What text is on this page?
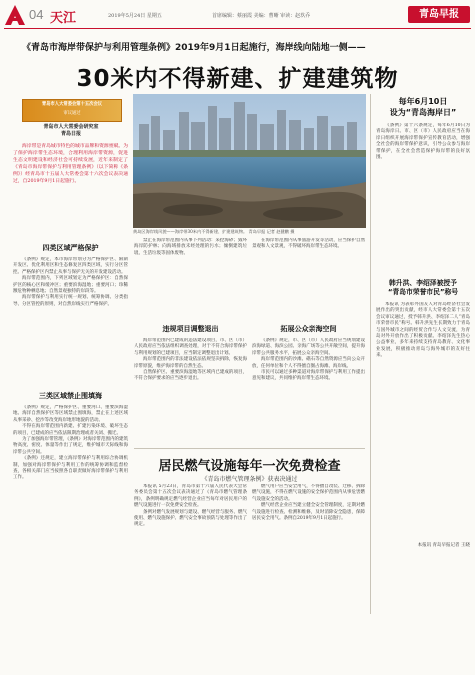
04 天江	2019年5月24日 星期五	首席编辑：蔡丽霞 美编：曹晰 审读：赵玖乔	青岛早报
《青岛市海岸带保护与利用管理条例》2019年9月1日起施行，海岸线向陆地一侧——
30米内不得新建、扩建建筑物
青岛市人大常委会第十五次会议
审议通过
青岛市人大常委会研究室
青岛日报

海岸带是青岛城市特色的城市品牌和资源禀赋。为了保护海岸带生态环境，合理利用海岸带资源，促进生态文明建设和经济社会可持续发展，近年来制定了《青岛市海岸带保护与利用管理条例》（以下简称《条例》）经青岛市十五届人大常委会第十六次会议表决通过，自2019年9月1日起施行。

黄岛区海岸线风貌——海岸带30米内不得新建、扩建建筑物。 青岛早报 记者 赵健鹏 摄
四类区域严格保护

《条例》规定，本市海岸带划分为严格保护区、限制开发区、优化利用区和生态修复区四类区域，实行分区管控。严格保护区内禁止从事与保护无关的开发建设活动。

海岸带范围内，下列区域划定为严格保护区：自然保护区的核心区和缓冲区；重要滨海湿地；重要河口；珍稀濒危物种栖息地；自然景观独特的岸段等。

海岸带保护与利用实行统一规划、统筹协调、分类指导、分区管控的原则，对自然岸线实行严格保护。

三类区域禁止围填海

《条例》规定，严格保护区、重要河口、重要滨海湿地、海洋自然保护区等区域禁止围填海，禁止在上述区域从事采砂、挖沙等改变海岸地形地貌的活动。

不得在海岸带范围内新建、扩建污染环境、破坏生态的项目，已建成的应当依法限期治理或者关闭、搬迁。

为了加强海岸带管理，《条例》对海岸带范围内的建筑物高度、密度、体量等作出了规定，维护城市天际线和海岸带公共空间。

《条例》还规定，建立海岸带保护与利用综合协调机制，加强对海岸带保护与利用工作的统筹协调和监督检查，各相关部门应当按照各自职责做好海岸带保护与利用工作。

禁止在海岸带范围内从事下列活动：采挖海砂；毁坏海岸防护林；向海域排放未经处理的污水；倾倒建筑垃圾、生活垃圾等固体废物。

违规项目调整退出

海岸带范围内已建成的违法建设项目，市、区（市）人民政府应当依法组织调查处理，对于不符合海岸带保护与利用规划的已建项目，应当制定调整退出计划。

海岸带范围内的非法建设依法依规坚决拆除，恢复海岸带原貌，维护海岸带的自然生态。

自然保护区、重要滨海湿地等区域内已建成的项目，不符合保护要求的应当逐步退出。

在海岸带范围内从事旅游开发等活动，应当保护自然景观和人文景观，不得破坏海岸带生态环境。

拓展公众亲海空间

《条例》规定，市、区（市）人民政府应当规划建设滨海绿道、海滨公园、亲海广场等公共开敞空间，提升海岸带公共服务水平，拓展公众亲海空间。

海岸带范围内的沙滩、礁石等自然资源应当向公众开放，任何单位和个人不得擅自圈占海滩、海岸线。

市民可以通过多种渠道对海岸带保护与利用工作提出意见和建议，共同维护海岸带生态环境。

居民燃气设施每年一次免费检查
《青岛市燃气管理条例》获表决通过

本报讯 5月23日，青岛市第十六届人民代表大会常务委员会第十五次会议表决通过了《青岛市燃气管理条例》，条例明确规定燃气经营企业应当每年对居民用户的燃气设施进行一次免费安全检查。

条例对燃气发展规划与建设、燃气经营与服务、燃气使用、燃气设施保护、燃气安全事故预防与处理等作出了规定。

燃气用户应当安全用气，不得擅自改装、迁移、拆除燃气设施，不得在燃气设施的安全保护范围内从事危害燃气设施安全的活动。

燃气经营企业应当建立健全安全管理制度，定期对燃气设施进行检查、检测和维修，及时消除安全隐患，保障居民安全用气。条例自2019年9月1日起施行。

每年6月10日
设为“青岛海岸日”

《条例》第十六条规定，每年6月10日为青岛海岸日。市、区（市）人民政府应当在海岸日组织开展海岸带保护宣传教育活动，增强全社会的海岸带保护意识，引导公众参与海岸带保护，在全社会营造保护海岸带的良好氛围。

韩升洪、李绍泽被授予
“青岛市荣誉市民”称号

本报讯 为表彰外国友人对青岛经济社会发展作出的突出贡献，经市人大常委会第十五次会议审议通过，授予韩升洪、李绍泽二人“青岛市荣誉市民”称号。韩升洪先生长期致力于青岛与国外城市之间的经贸合作与人文交流，为青岛对外开放作出了积极贡献。李绍泽先生热心公益事业，多年来持续支持青岛教育、文化事业发展，积极推动青岛与海外城市的友好往来。

本报讯 青岛早报记者 王晓
